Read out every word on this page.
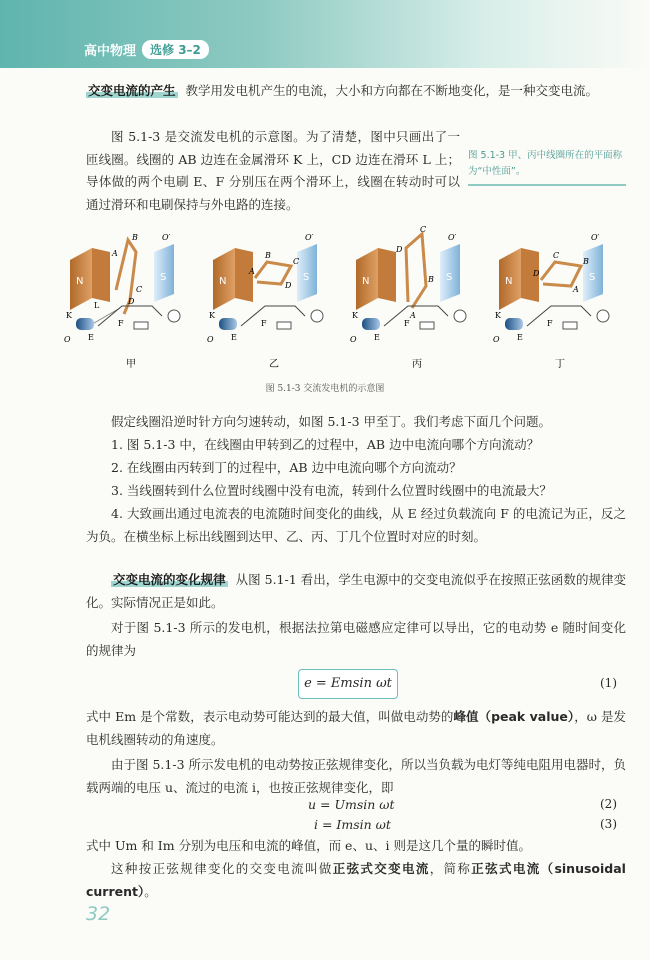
高中物理	选修 3–2
交变电流的产生 教学用发电机产生的电流，大小和方向都在不断地变化，是一种交变电流。
图 5.1-3 是交流发电机的示意图。为了清楚，图中只画出了一匝线圈。线圈的 AB 边连在金属滑环 K 上，CD 边连在滑环 L 上；导体做的两个电刷 E、F 分别压在两个滑环上，线圈在转动时可以通过滑环和电刷保持与外电路的连接。
图 5.1-3 甲、丙中线圈所在的平面称为“中性面”。
N	S
B
A
C
D
L
K
F
E
O
O′
甲
N	S
B
A
C
D
K
F
E
O
O′
乙
N	S
C
D
B
A
K
F
E
O
O′
丙
N	S
C
D
B
A
K
F
E
O
O′
丁
图 5.1-3 交流发电机的示意图
假定线圈沿逆时针方向匀速转动，如图 5.1-3 甲至丁。我们考虑下面几个问题。
1. 图 5.1-3 中，在线圈由甲转到乙的过程中，AB 边中电流向哪个方向流动？
2. 在线圈由丙转到丁的过程中，AB 边中电流向哪个方向流动？
3. 当线圈转到什么位置时线圈中没有电流，转到什么位置时线圈中的电流最大？
4. 大致画出通过电流表的电流随时间变化的曲线，从 E 经过负载流向 F 的电流记为正，反之为负。在横坐标上标出线圈到达甲、乙、丙、丁几个位置时对应的时刻。
交变电流的变化规律 从图 5.1-1 看出，学生电源中的交变电流似乎在按照正弦函数的规律变化。实际情况正是如此。
对于图 5.1-3 所示的发电机，根据法拉第电磁感应定律可以导出，它的电动势 e 随时间变化的规律为
e = Emsin ωt	(1)
式中 Em 是个常数，表示电动势可能达到的最大值，叫做电动势的峰值（peak value），ω 是发电机线圈转动的角速度。
由于图 5.1-3 所示发电机的电动势按正弦规律变化，所以当负载为电灯等纯电阻用电器时，负载两端的电压 u、流过的电流 i，也按正弦规律变化，即
u = Umsin ωt	(2)
i = Imsin ωt	(3)
式中 Um 和 Im 分别为电压和电流的峰值，而 e、u、i 则是这几个量的瞬时值。
这种按正弦规律变化的交变电流叫做正弦式交变电流，简称正弦式电流（sinusoidal current）。
32
